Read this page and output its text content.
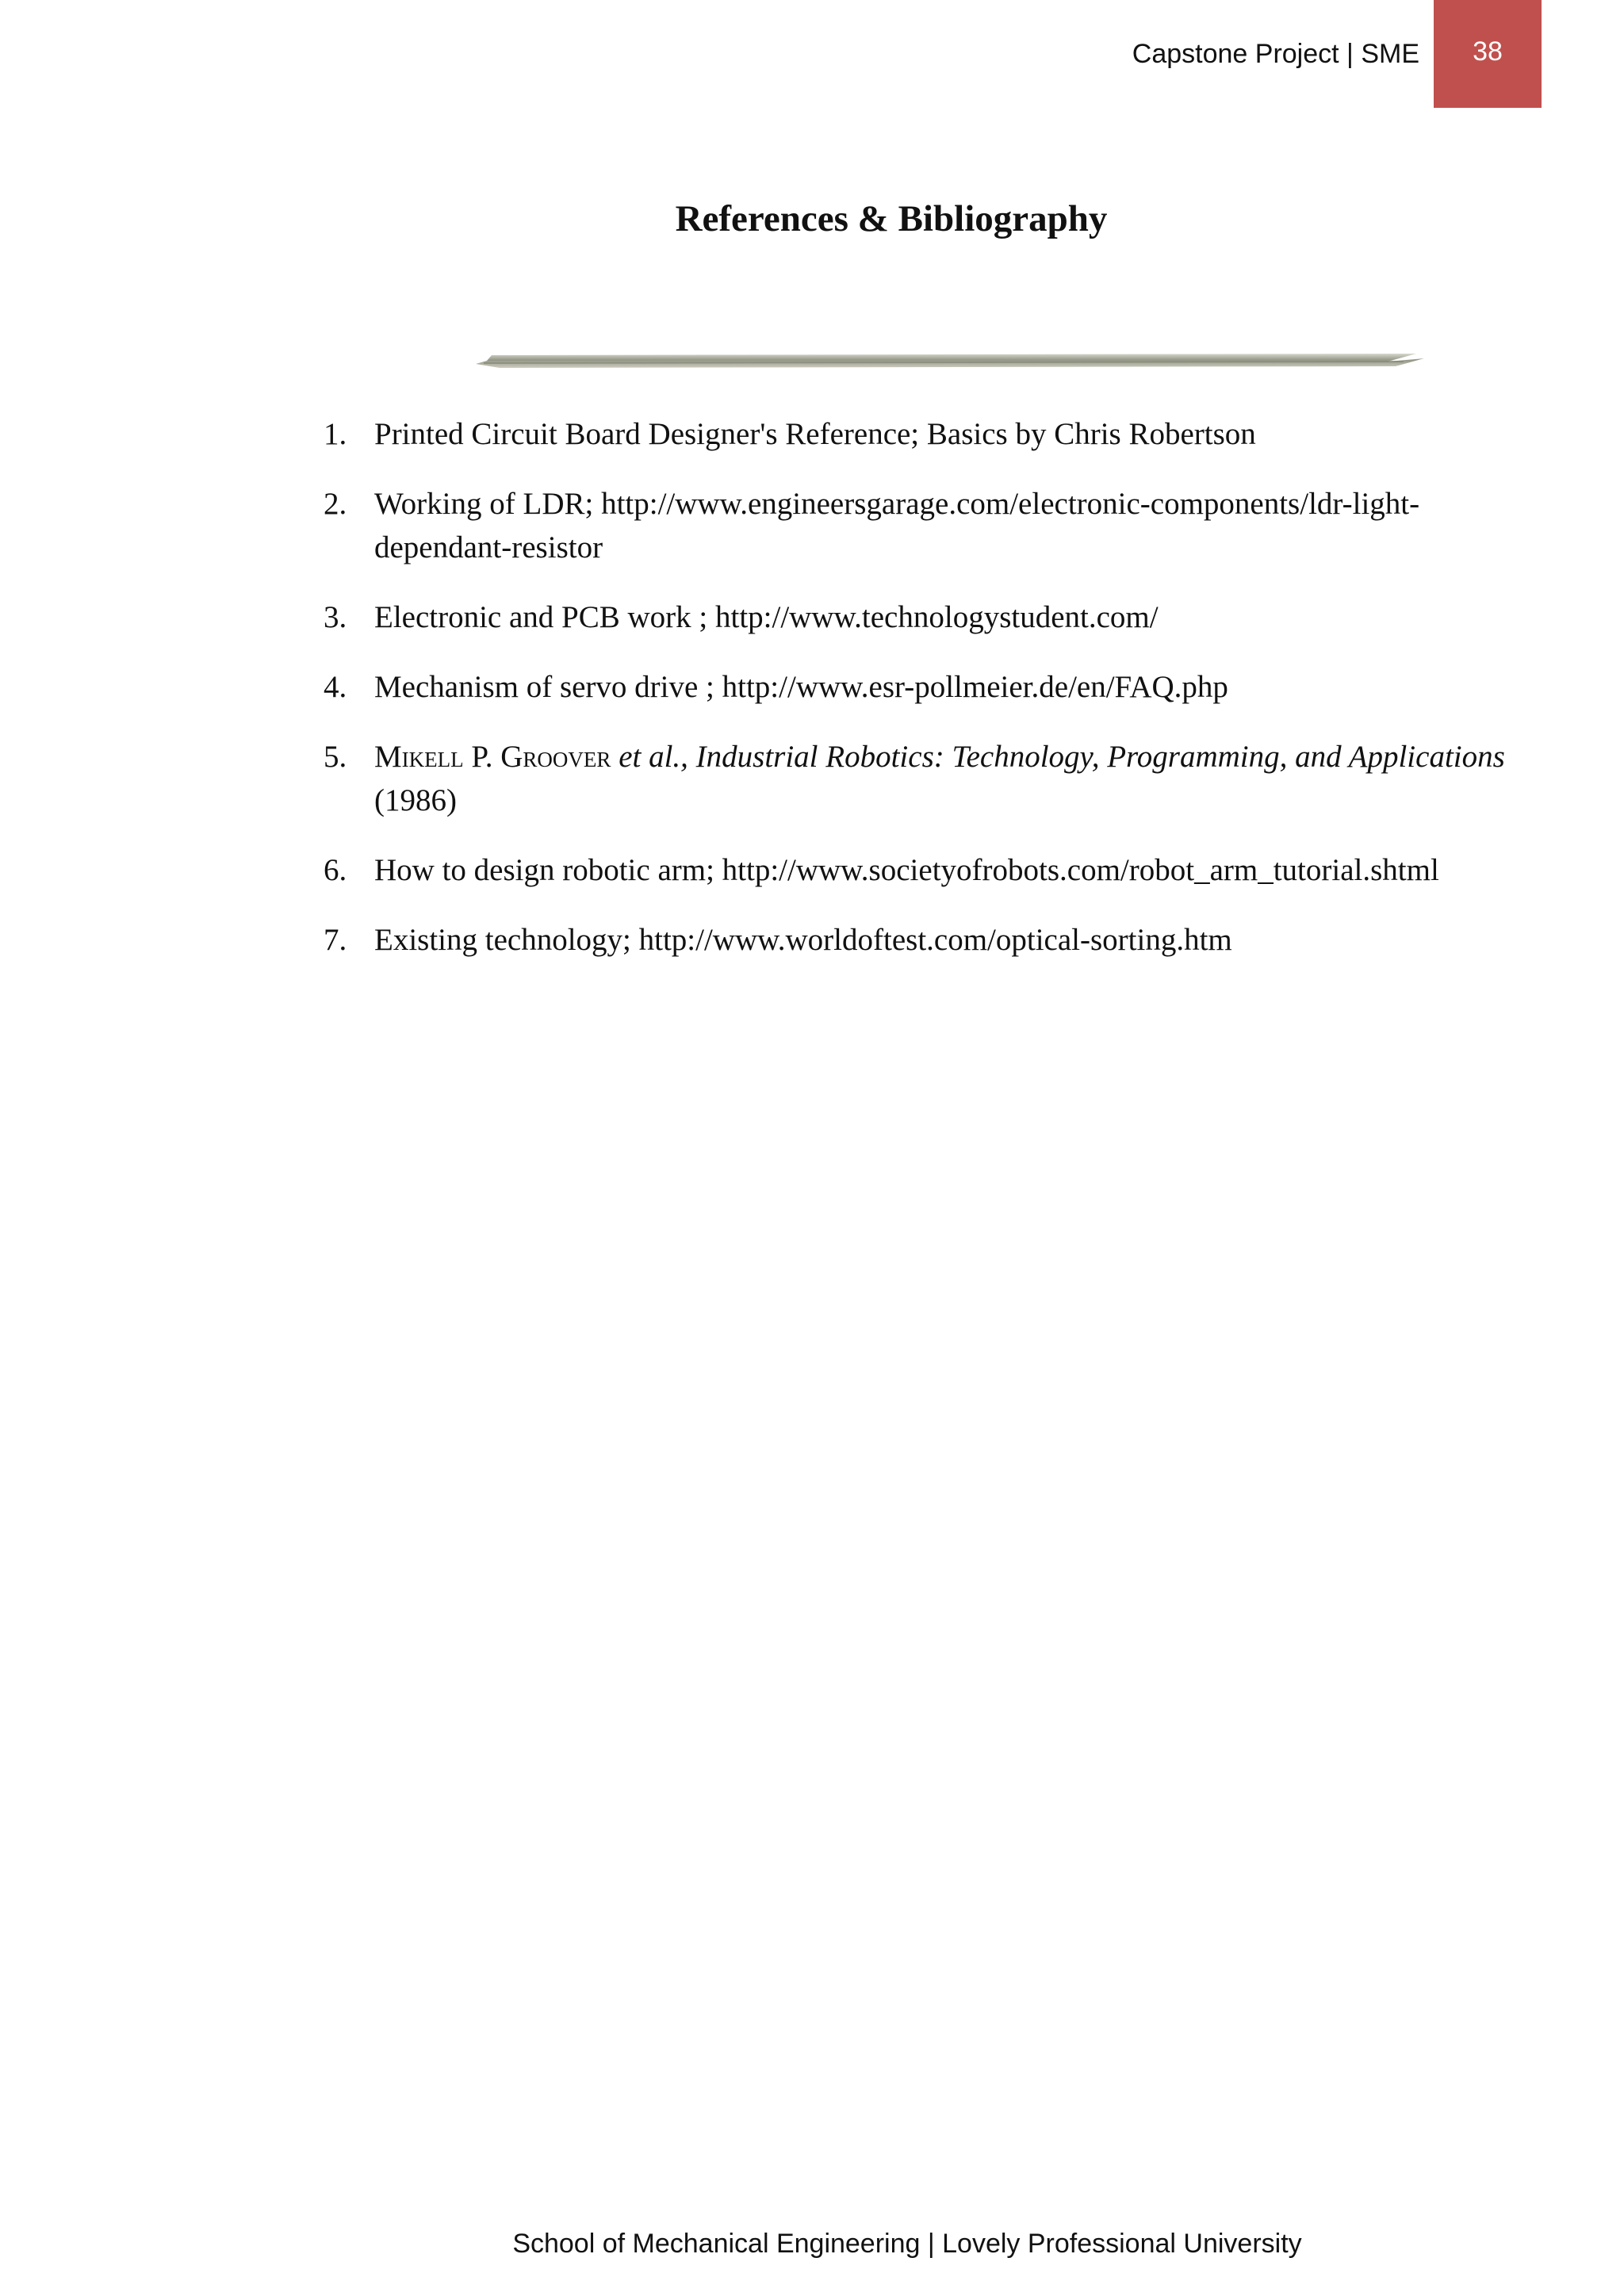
Capstone Project | SME 38
References & Bibliography
1. Printed Circuit Board Designer's Reference; Basics by Chris Robertson
2. Working of LDR; http://www.engineersgarage.com/electronic-components/ldr-light-dependant-resistor
3. Electronic and PCB work ; http://www.technologystudent.com/
4. Mechanism of servo drive ; http://www.esr-pollmeier.de/en/FAQ.php
5. Mikell P. Groover et al., Industrial Robotics: Technology, Programming, and Applications (1986)
6. How to design robotic arm; http://www.societyofrobots.com/robot_arm_tutorial.shtml
7. Existing technology; http://www.worldoftest.com/optical-sorting.htm
School of Mechanical Engineering | Lovely Professional University
